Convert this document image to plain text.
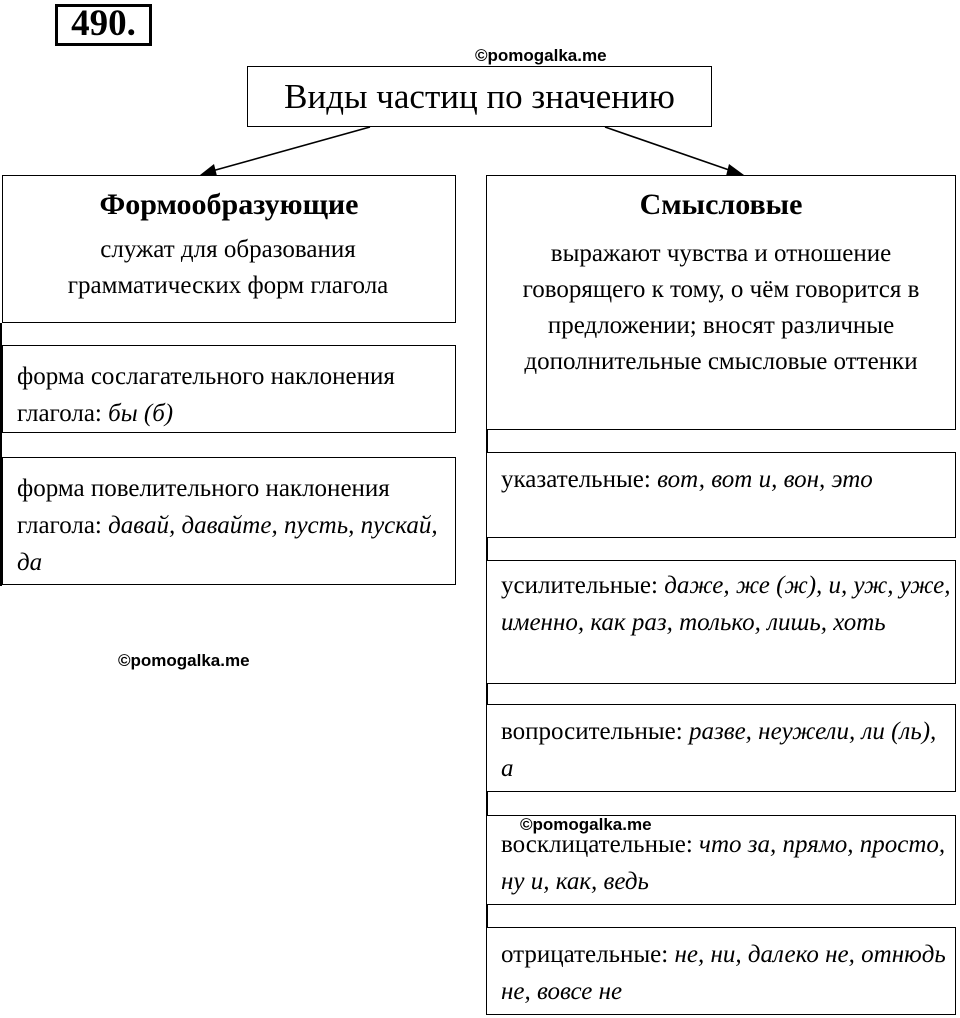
490.
©pomogalka.me
©pomogalka.me
Виды частиц по значению
Формообразующие
служат для образования грамматических форм глагола
форма сослагательного наклонения глагола: бы (б)
форма повелительного наклонения глагола: давай, давайте, пусть, пускай, да
Смысловые
выражают чувства и отношение говорящего к тому, о чём говорится в предложении; вносят различные дополнительные смысловые оттенки
указательные: вот, вот и, вон, это
усилительные: даже, же (ж), и, уж, уже, именно, как раз, только, лишь, хоть
вопросительные: разве, неужели, ли (ль), а
восклицательные: что за, прямо, просто, ну и, как, ведь
отрицательные: не, ни, далеко не, отнюдь не, вовсе не
©pomogalka.me
